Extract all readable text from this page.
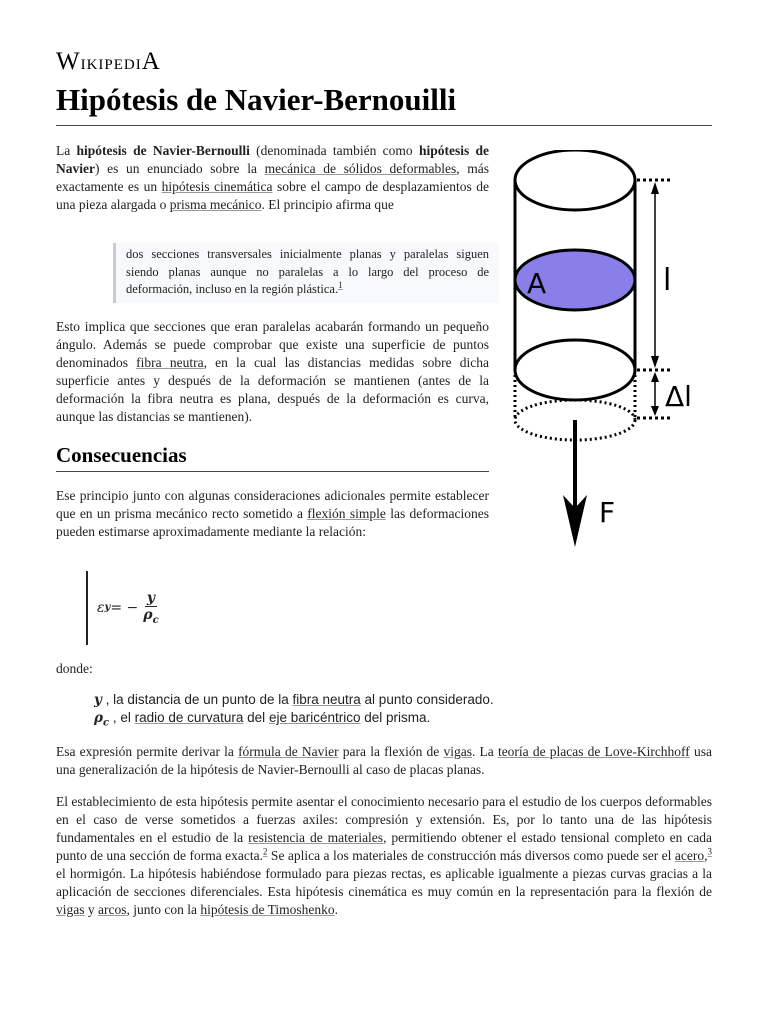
WikipediA
Hipótesis de Navier-Bernouilli
La hipótesis de Navier-Bernoulli (denominada también como hipótesis de Navier) es un enunciado sobre la mecánica de sólidos deformables, más exactamente es un hipótesis cinemática sobre el campo de desplazamientos de una pieza alargada o prisma mecánico. El principio afirma que
dos secciones transversales inicialmente planas y paralelas siguen siendo planas aunque no paralelas a lo largo del proceso de deformación, incluso en la región plástica.$^1$
Esto implica que secciones que eran paralelas acabarán formando un pequeño ángulo. Además se puede comprobar que existe una superficie de puntos denominados fibra neutra, en la cual las distancias medidas sobre dicha superficie antes y después de la deformación se mantienen (antes de la deformación la fibra neutra es plana, después de la deformación es curva, aunque las distancias se mantienen).
Consecuencias
Ese principio junto con algunas consideraciones adicionales permite establecer que en un prisma mecánico recto sometido a flexión simple las deformaciones pueden estimarse aproximadamente mediante la relación:
ε y = − $\frac{y}{\rho_c}$
donde:
y , la distancia de un punto de la fibra neutra al punto considerado.
$\rho_c$ , el radio de curvatura del eje baricéntrico del prisma.
Esa expresión permite derivar la fórmula de Navier para la flexión de vigas. La teoría de placas de Love-Kirchhoff usa una generalización de la hipótesis de Navier-Bernoulli al caso de placas planas.
El establecimiento de esta hipótesis permite asentar el conocimiento necesario para el estudio de los cuerpos deformables en el caso de verse sometidos a fuerzas axiles: compresión y extensión. Es, por lo tanto una de las hipótesis fundamentales en el estudio de la resistencia de materiales, permitiendo obtener el estado tensional completo en cada punto de una sección de forma exacta.$^2$ Se aplica a los materiales de construcción más diversos como puede ser el acero,$^3$ el hormigón. La hipótesis habiéndose formulado para piezas rectas, es aplicable igualmente a piezas curvas gracias a la aplicación de secciones diferenciales. Esta hipótesis cinemática es muy común en la representación para la flexión de vigas y arcos, junto con la hipótesis de Timoshenko.
A	l
Δl
F
